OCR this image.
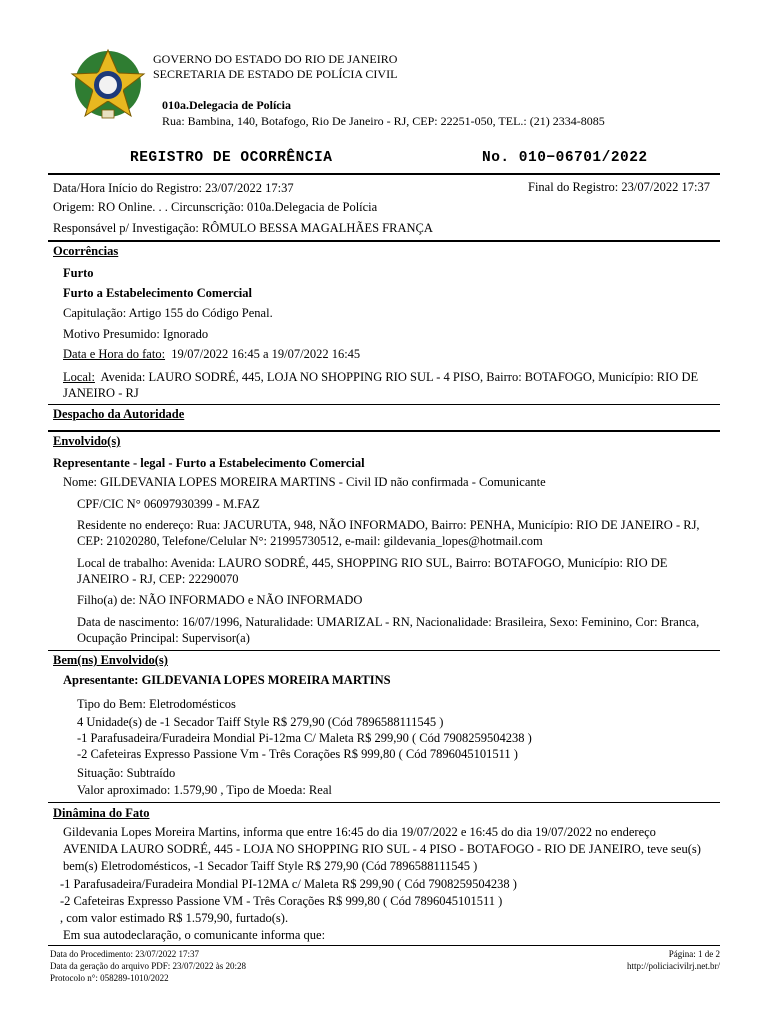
GOVERNO DO ESTADO DO RIO DE JANEIRO
SECRETARIA DE ESTADO DE POLÍCIA CIVIL
010a.Delegacia de Polícia
Rua: Bambina, 140, Botafogo, Rio De Janeiro - RJ, CEP: 22251-050, TEL.: (21) 2334-8085
REGISTRO DE OCORRÊNCIA	No. 010−06701/2022
Data/Hora Início do Registro: 23/07/2022 17:37	Final do Registro: 23/07/2022 17:37
Origem: RO Online. . . Circunscrição: 010a.Delegacia de Polícia
Responsável p/ Investigação: RÔMULO BESSA MAGALHÃES FRANÇA
Ocorrências
Furto
Furto a Estabelecimento Comercial
Capitulação: Artigo 155 do Código Penal.
Motivo Presumido: Ignorado
Data e Hora do fato:  19/07/2022 16:45 a 19/07/2022 16:45
Local:  Avenida: LAURO SODRÉ, 445, LOJA NO SHOPPING RIO SUL - 4 PISO, Bairro: BOTAFOGO, Município: RIO DE JANEIRO - RJ
Despacho da Autoridade
Envolvido(s)
Representante - legal - Furto a Estabelecimento Comercial
Nome: GILDEVANIA LOPES MOREIRA MARTINS - Civil ID não confirmada - Comunicante
CPF/CIC N° 06097930399 - M.FAZ
Residente no endereço: Rua: JACURUTA, 948, NÃO INFORMADO, Bairro: PENHA, Município: RIO DE JANEIRO - RJ, CEP: 21020280, Telefone/Celular N°: 21995730512, e-mail: gildevania_lopes@hotmail.com
Local de trabalho: Avenida: LAURO SODRÉ, 445, SHOPPING RIO SUL, Bairro: BOTAFOGO, Município: RIO DE JANEIRO - RJ, CEP: 22290070
Filho(a) de: NÃO INFORMADO e NÃO INFORMADO
Data de nascimento: 16/07/1996, Naturalidade: UMARIZAL - RN, Nacionalidade: Brasileira, Sexo: Feminino, Cor: Branca, Ocupação Principal: Supervisor(a)
Bem(ns) Envolvido(s)
Apresentante: GILDEVANIA LOPES MOREIRA MARTINS
Tipo do Bem: Eletrodomésticos
4 Unidade(s) de -1 Secador Taiff Style R$ 279,90 (Cód 7896588111545 )
-1 Parafusadeira/Furadeira Mondial Pi-12ma C/ Maleta R$ 299,90 ( Cód 7908259504238 )
-2 Cafeteiras Expresso Passione Vm - Três Corações R$ 999,80 ( Cód 7896045101511 )
Situação: Subtraído
Valor aproximado: 1.579,90 , Tipo de Moeda: Real
Dinâmina do Fato
Gildevania Lopes Moreira Martins, informa que entre 16:45 do dia 19/07/2022 e 16:45 do dia 19/07/2022 no endereço
AVENIDA LAURO SODRÉ, 445 - LOJA NO SHOPPING RIO SUL - 4 PISO - BOTAFOGO - RIO DE JANEIRO, teve seu(s)
bem(s) Eletrodomésticos, -1 Secador Taiff Style R$ 279,90 (Cód 7896588111545 )
-1 Parafusadeira/Furadeira Mondial PI-12MA c/ Maleta R$ 299,90 ( Cód 7908259504238 )
-2 Cafeteiras Expresso Passione VM - Três Corações R$ 999,80 ( Cód 7896045101511 )
, com valor estimado R$ 1.579,90, furtado(s).
Em sua autodeclaração, o comunicante informa que:
Data do Procedimento: 23/07/2022 17:37
Data da geração do arquivo PDF: 23/07/2022 às 20:28
Protocolo n°: 058289-1010/2022
Página: 1 de 2
http://policiacivilrj.net.br/
